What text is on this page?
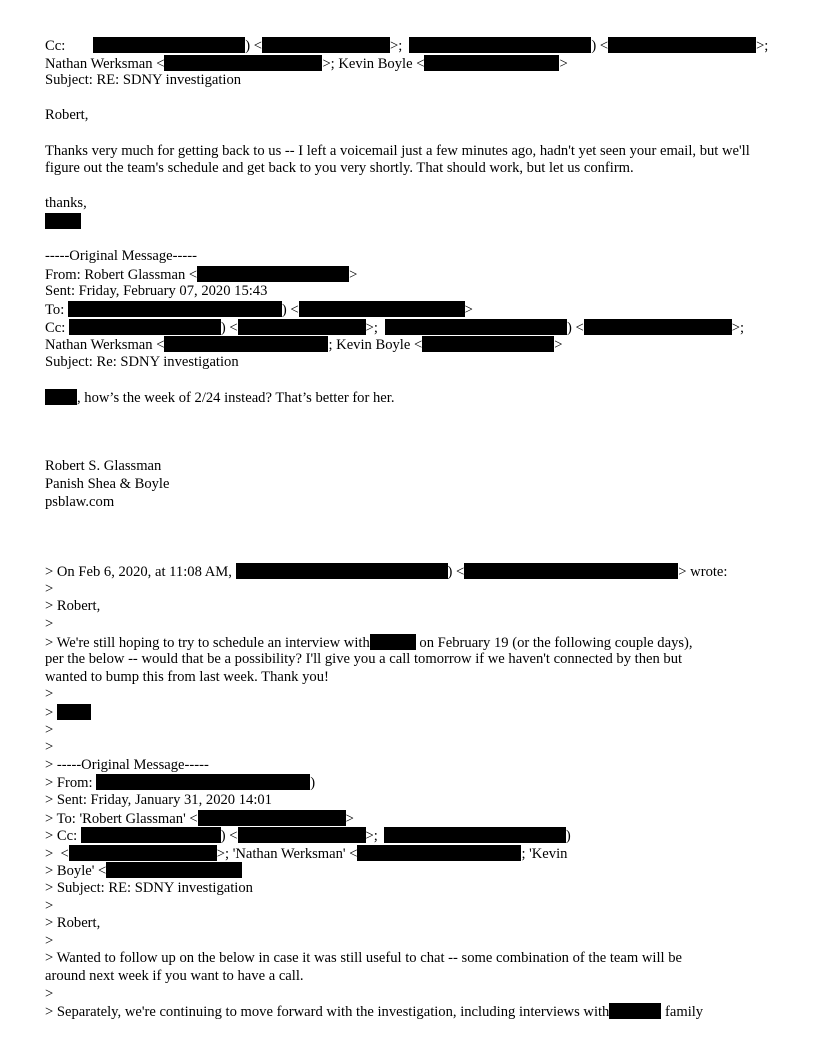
Cc:	) <	>;	) <	>;
Nathan Werksman <	>; Kevin Boyle <	>
Subject: RE: SDNY investigation
Robert,
Thanks very much for getting back to us -- I left a voicemail just a few minutes ago, hadn't yet seen your email, but we'll figure out the team's schedule and get back to you very shortly. That should work, but let us confirm.
thanks,
-----Original Message-----
From: Robert Glassman <	>
Sent: Friday, February 07, 2020 15:43
To:	) <	>
Cc:	) <	>;	) <	>;
Nathan Werksman <	; Kevin Boyle <	>
Subject: Re: SDNY investigation
, how’s the week of 2/24 instead? That’s better for her.
Robert S. Glassman
Panish Shea & Boyle
psblaw.com
> On Feb 6, 2020, at 11:08 AM,	) <	> wrote:
>
> Robert,
>
> We're still hoping to try to schedule an interview with	on February 19 (or the following couple days),
per the below -- would that be a possibility? I'll give you a call tomorrow if we haven't connected by then but
wanted to bump this from last week. Thank you!
>
>
>
>
> -----Original Message-----
> From:	)
> Sent: Friday, January 31, 2020 14:01
> To: 'Robert Glassman' <	>
> Cc:	) <	>;	)
>  <	>; 'Nathan Werksman' <	; 'Kevin
> Boyle' <
> Subject: RE: SDNY investigation
>
> Robert,
>
> Wanted to follow up on the below in case it was still useful to chat -- some combination of the team will be
around next week if you want to have a call.
>
> Separately, we're continuing to move forward with the investigation, including interviews with	family
